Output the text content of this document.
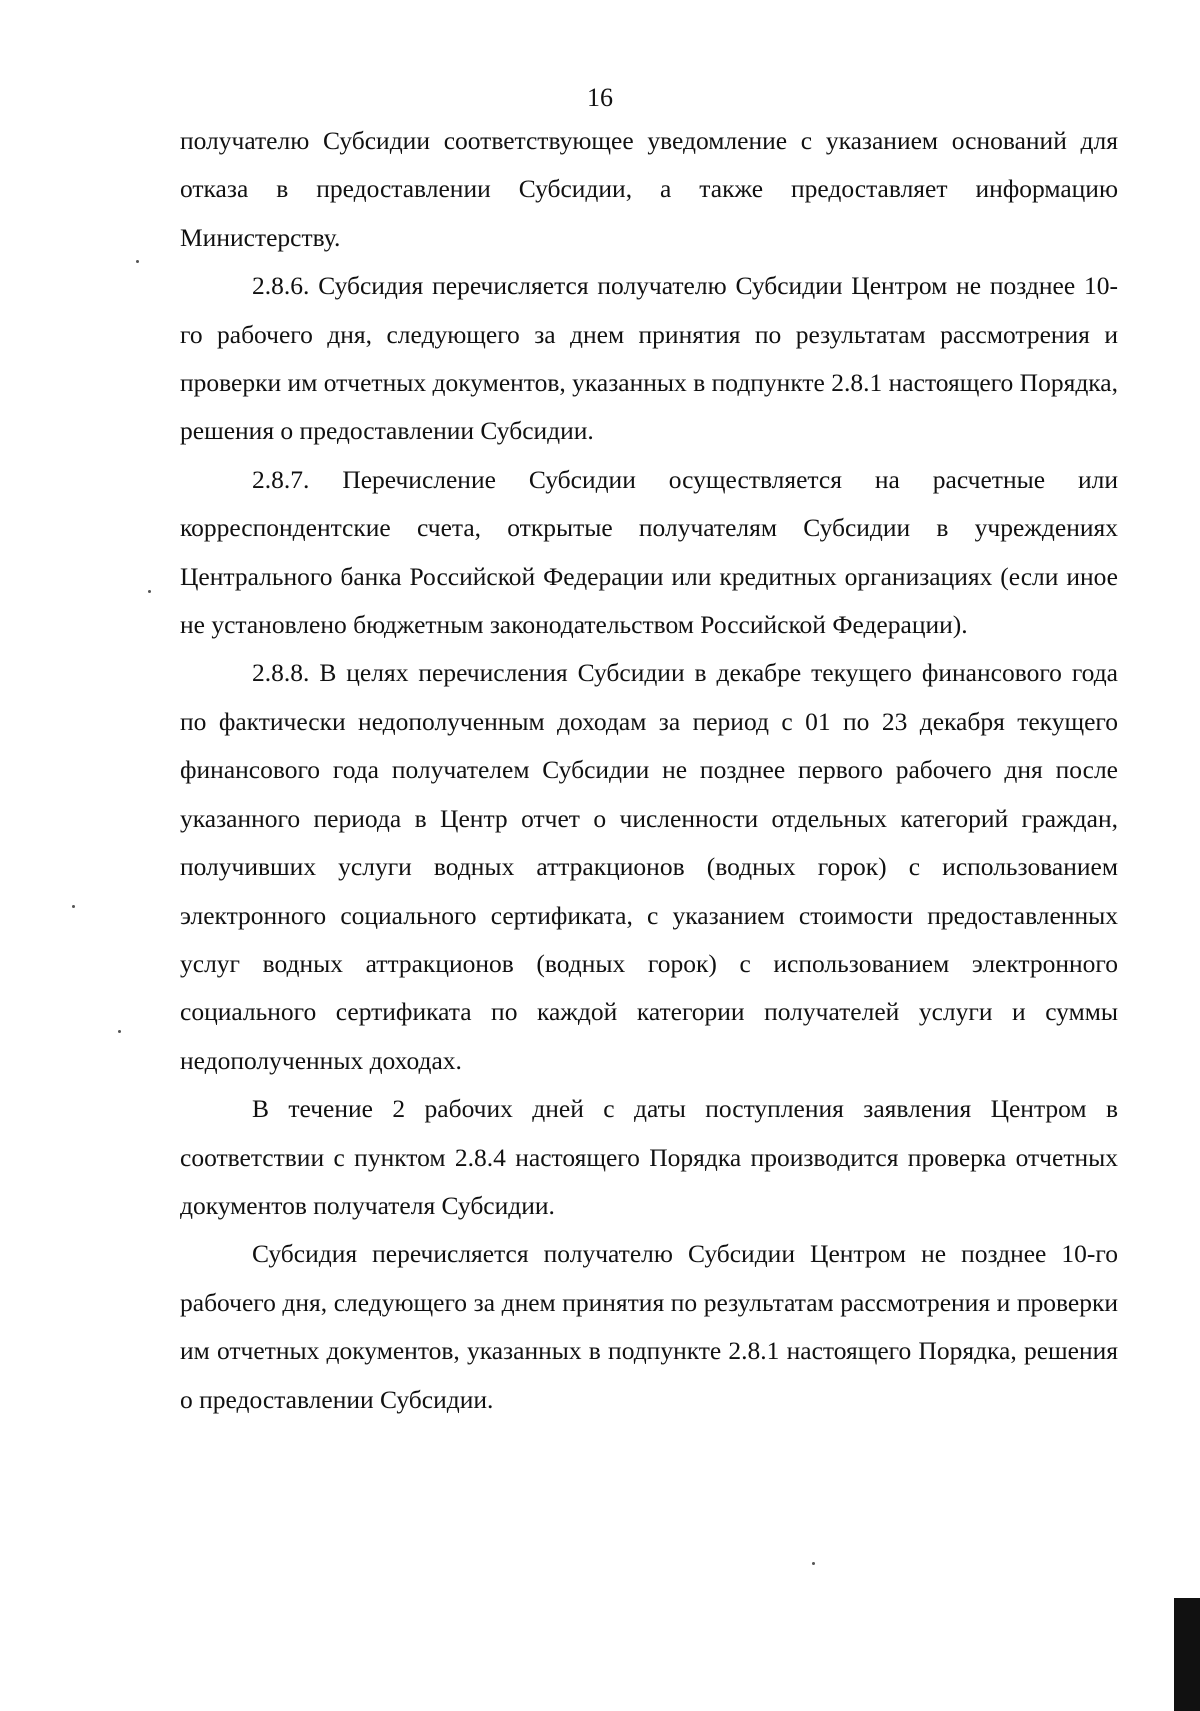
16

получателю Субсидии соответствующее уведомление с указанием оснований для отказа в предоставлении Субсидии, а также предоставляет информацию Министерству.

2.8.6. Субсидия перечисляется получателю Субсидии Центром не позднее 10-го рабочего дня, следующего за днем принятия по результатам рассмотрения и проверки им отчетных документов, указанных в подпункте 2.8.1 настоящего Порядка, решения о предоставлении Субсидии.

2.8.7. Перечисление Субсидии осуществляется на расчетные или корреспондентские счета, открытые получателям Субсидии в учреждениях Центрального банка Российской Федерации или кредитных организациях (если иное не установлено бюджетным законодательством Российской Федерации).

2.8.8. В целях перечисления Субсидии в декабре текущего финансового года по фактически недополученным доходам за период с 01 по 23 декабря текущего финансового года получателем Субсидии не позднее первого рабочего дня после указанного периода в Центр отчет о численности отдельных категорий граждан, получивших услуги водных аттракционов (водных горок) с использованием электронного социального сертификата, с указанием стоимости предоставленных услуг водных аттракционов (водных горок) с использованием электронного социального сертификата по каждой категории получателей услуги и суммы недополученных доходах.

В течение 2 рабочих дней с даты поступления заявления Центром в соответствии с пунктом 2.8.4 настоящего Порядка производится проверка отчетных документов получателя Субсидии.

Субсидия перечисляется получателю Субсидии Центром не позднее 10-го рабочего дня, следующего за днем принятия по результатам рассмотрения и проверки им отчетных документов, указанных в подпункте 2.8.1 настоящего Порядка, решения о предоставлении Субсидии.
